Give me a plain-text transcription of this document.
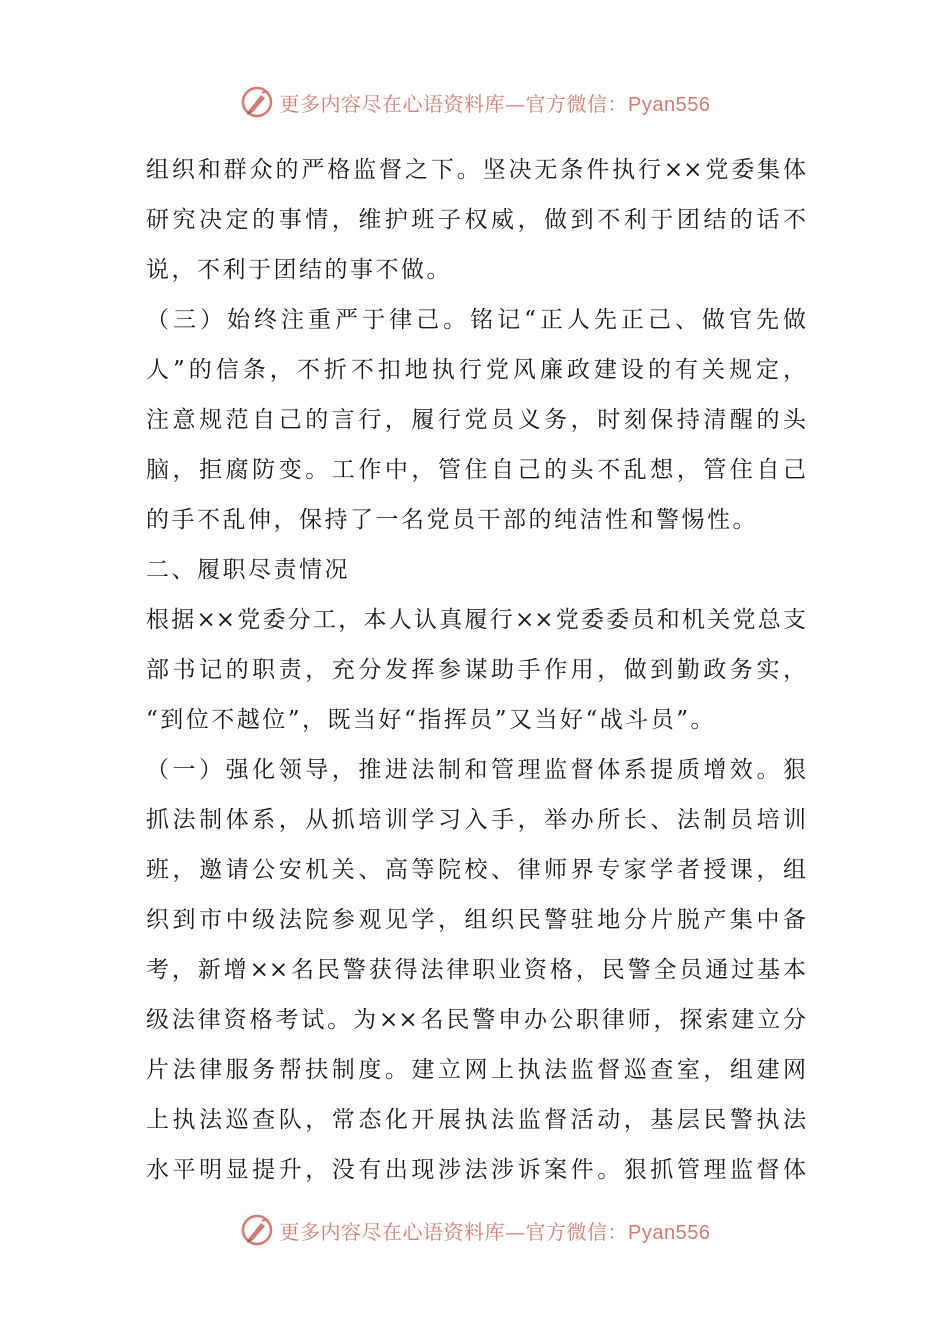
更多内容尽在心语资料库—官方微信：Pyan556
组织和群众的严格监督之下。坚决无条件执行××党委集体
研究决定的事情，维护班子权威，做到不利于团结的话不
说，不利于团结的事不做。
（三）始终注重严于律己。铭记“正人先正己、做官先做
人”的信条，不折不扣地执行党风廉政建设的有关规定，
注意规范自己的言行，履行党员义务，时刻保持清醒的头
脑，拒腐防变。工作中，管住自己的头不乱想，管住自己
的手不乱伸，保持了一名党员干部的纯洁性和警惕性。
二、履职尽责情况
根据××党委分工，本人认真履行××党委委员和机关党总支
部书记的职责，充分发挥参谋助手作用，做到勤政务实，
“到位不越位”，既当好“指挥员”又当好“战斗员”。
（一）强化领导，推进法制和管理监督体系提质增效。狠
抓法制体系，从抓培训学习入手，举办所长、法制员培训
班，邀请公安机关、高等院校、律师界专家学者授课，组
织到市中级法院参观见学，组织民警驻地分片脱产集中备
考，新增××名民警获得法律职业资格，民警全员通过基本
级法律资格考试。为××名民警申办公职律师，探索建立分
片法律服务帮扶制度。建立网上执法监督巡查室，组建网
上执法巡查队，常态化开展执法监督活动，基层民警执法
水平明显提升，没有出现涉法涉诉案件。狠抓管理监督体
更多内容尽在心语资料库—官方微信：Pyan556
